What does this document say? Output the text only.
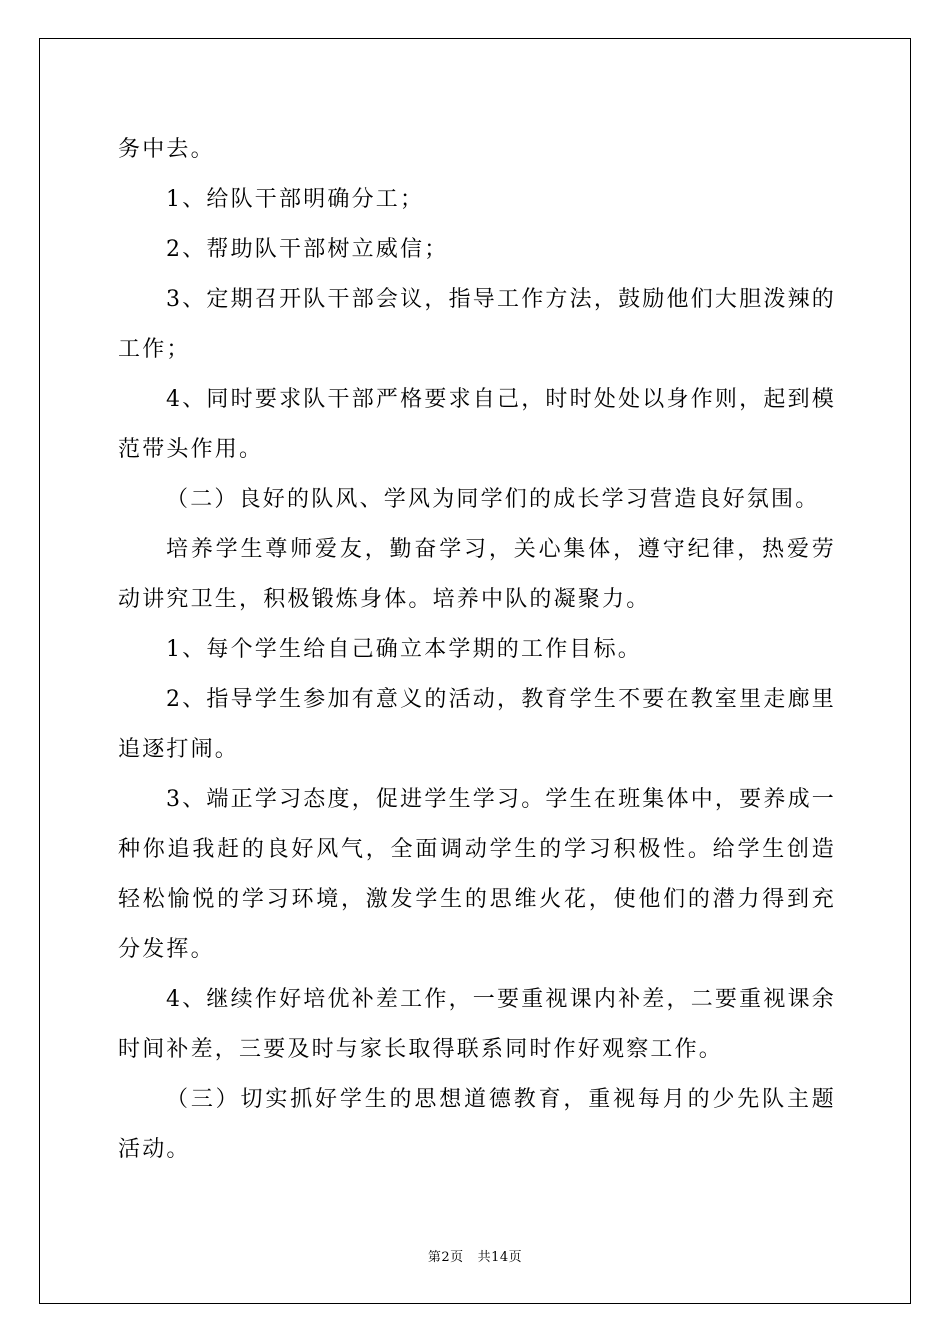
务中去。

1、给队干部明确分工；

2、帮助队干部树立威信；

3、定期召开队干部会议，指导工作方法，鼓励他们大胆泼辣的工作；

4、同时要求队干部严格要求自己，时时处处以身作则，起到模范带头作用。

（二）良好的队风、学风为同学们的成长学习营造良好氛围。

培养学生尊师爱友，勤奋学习，关心集体，遵守纪律，热爱劳动讲究卫生，积极锻炼身体。培养中队的凝聚力。

1、每个学生给自己确立本学期的工作目标。

2、指导学生参加有意义的活动，教育学生不要在教室里走廊里追逐打闹。

3、端正学习态度，促进学生学习。学生在班集体中，要养成一种你追我赶的良好风气，全面调动学生的学习积极性。给学生创造轻松愉悦的学习环境，激发学生的思维火花，使他们的潜力得到充分发挥。

4、继续作好培优补差工作，一要重视课内补差，二要重视课余时间补差，三要及时与家长取得联系同时作好观察工作。

（三）切实抓好学生的思想道德教育，重视每月的少先队主题活动。

第2页 共14页
